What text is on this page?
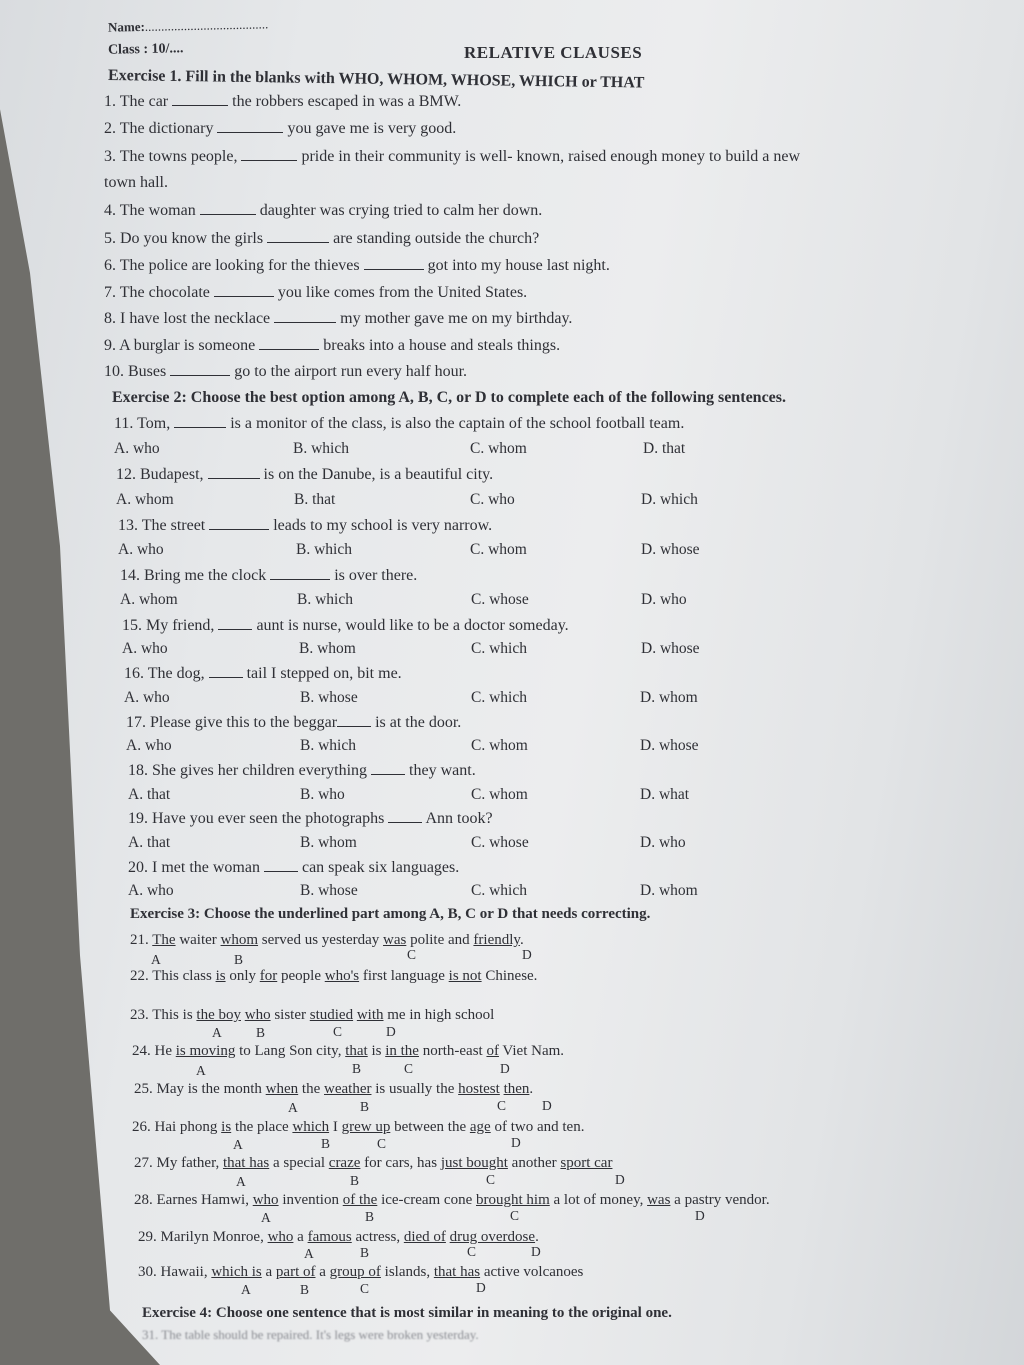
Name:......................................
Class : 10/....	RELATIVE CLAUSES
Exercise 1. Fill in the blanks with WHO, WHOM, WHOSE, WHICH or THAT
1. The car	the robbers escaped in was a BMW.
2. The dictionary	you gave me is very good.
3. The towns people,	pride in their community is well- known, raised enough money to build a new
town hall.
4. The woman	daughter was crying tried to calm her down.
5. Do you know the girls	are standing outside the church?
6. The police are looking for the thieves	got into my house last night.
7. The chocolate	you like comes from the United States.
8. I have lost the necklace	my mother gave me on my birthday.
9. A burglar is someone	breaks into a house and steals things.
10. Buses	go to the airport run every half hour.
Exercise 2: Choose the best option among A, B, C, or D to complete each of the following sentences.
11. Tom,	is a monitor of the class, is also the captain of the school football team.
A. who	B. which	C. whom	D. that
12. Budapest,	is on the Danube, is a beautiful city.
A. whom	B. that	C. who	D. which
13. The street	leads to my school is very narrow.
A. who	B. which	C. whom	D. whose
14. Bring me the clock	is over there.
A. whom	B. which	C. whose	D. who
15. My friend,  aunt is nurse, would like to be a doctor someday.
A. who	B. whom	C. which	D. whose
16. The dog,  tail I stepped on, bit me.
A. who	B. whose	C. which	D. whom
17. Please give this to the beggar is at the door.
A. who	B. which	C. whom	D. whose
18. She gives her children everything  they want.
A. that	B. who	C. whom	D. what
19. Have you ever seen the photographs  Ann took?
A. that	B. whom	C. whose	D. who
20. I met the woman  can speak six languages.
A. who	B. whose	C. which	D. whom
Exercise 3: Choose the underlined part among A, B, C or D that needs correcting.
21. The waiter whom served us yesterday was polite and friendly.
A	B	C	D
22. This class is only for people who's first language is not Chinese.
23. This is the boy who sister studied with me in high school
A	B	C	D
24. He is moving to Lang Son city, that is in the north-east of Viet Nam.
A	B	C	D
25. May is the month when the weather is usually the hostest then.
A	B	C	D
26. Hai phong is the place which I grew up between the age of two and ten.
A	B	C	D
27. My father, that has a special craze for cars, has just bought another sport car
A	B	C	D
28. Earnes Hamwi, who invention of the ice-cream cone brought him a lot of money, was a pastry vendor.
A	B	C	D
29. Marilyn Monroe, who a famous actress, died of drug overdose.
A	B	C	D
30. Hawaii, which is a part of a group of islands, that has active volcanoes
A	B	C	D
Exercise 4: Choose one sentence that is most similar in meaning to the original one.
31. The table should be repaired. It's legs were broken yesterday.
